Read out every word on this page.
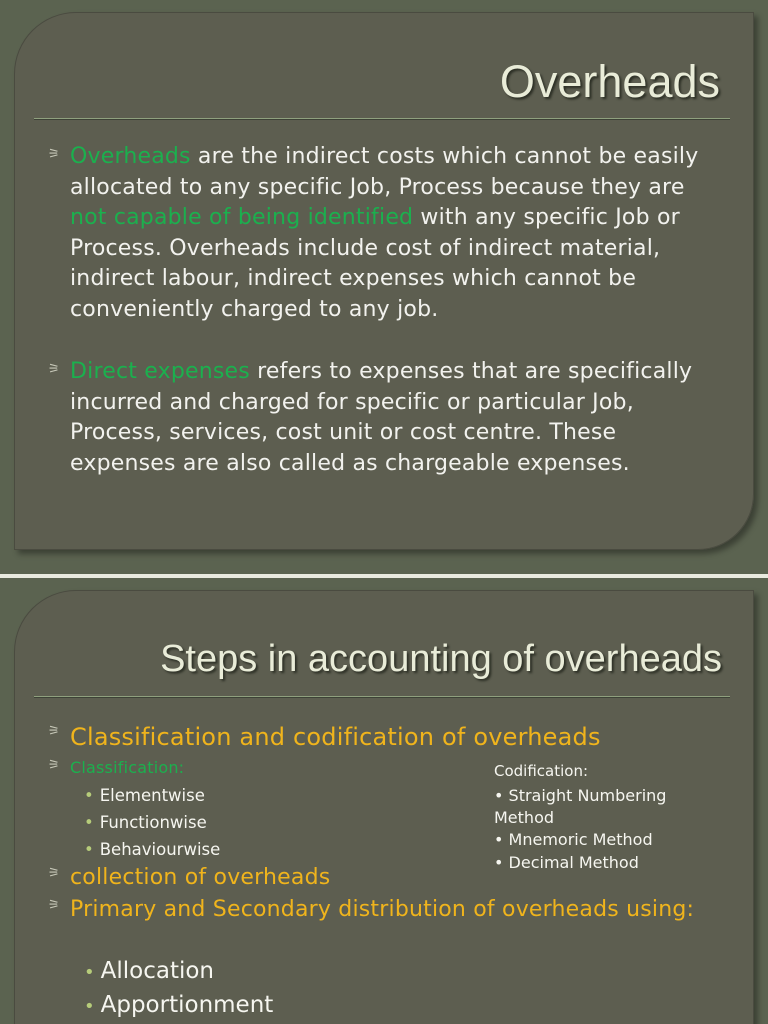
Overheads
⚞ Overheads are the indirect costs which cannot be easily allocated to any specific Job, Process because they are not capable of being identified with any specific Job or Process. Overheads include cost of indirect material, indirect labour, indirect expenses which cannot be conveniently charged to any job.
⚞ Direct expenses refers to expenses that are specifically incurred and charged for specific or particular Job, Process, services, cost unit or cost centre. These expenses are also called as chargeable expenses.
Steps in accounting of overheads
⚞ Classification and codification of overheads
⚞ Classification:
• Elementwise
• Functionwise
• Behaviourwise
Codification:
• Straight Numbering Method
• Mnemoric Method
• Decimal Method
⚞ collection of overheads
⚞ Primary and Secondary distribution of overheads using:
• Allocation
• Apportionment
